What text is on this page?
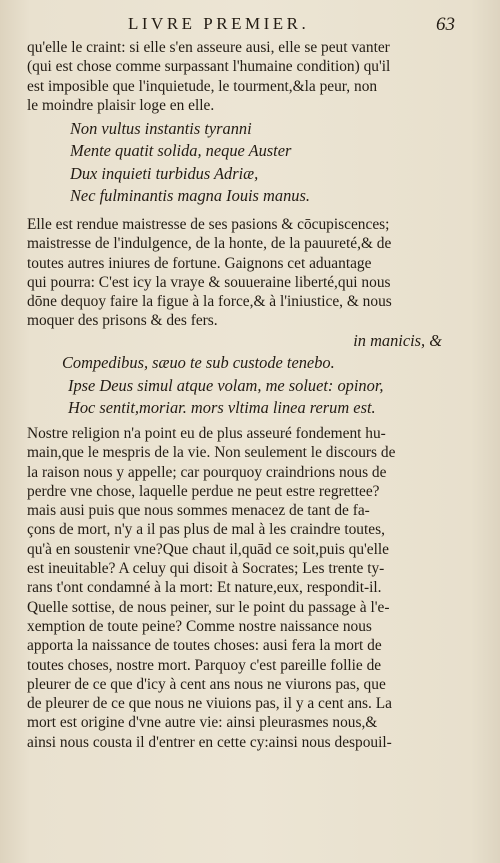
LIVRE PREMIER.	63
qu'elle le craint: si elle s'en asseure ausi, elle se peut vanter
(qui est chose comme surpassant l'humaine condition) qu'il
est imposible que l'inquietude, le tourment,&la peur, non
le moindre plaisir loge en elle.
Non vultus instantis tyranni
Mente quatit solida, neque Auster
Dux inquieti turbidus Adriæ,
Nec fulminantis magna Iouis manus.
Elle est rendue maistresse de ses pasions & cōcupiscences;
maistresse de l'indulgence, de la honte, de la pauureté,& de
toutes autres iniures de fortune. Gaignons cet aduantage
qui pourra: C'est icy la vraye & souueraine liberté,qui nous
dōne dequoy faire la figue à la force,& à l'iniustice, & nous
moquer des prisons & des fers.
in manicis, &
Compedibus, sæuo te sub custode tenebo.
Ipse Deus simul atque volam, me soluet: opinor,
Hoc sentit,moriar. mors vltima linea rerum est.
Nostre religion n'a point eu de plus asseuré fondement hu-
main,que le mespris de la vie. Non seulement le discours de
la raison nous y appelle; car pourquoy craindrions nous de
perdre vne chose, laquelle perdue ne peut estre regrettee?
mais ausi puis que nous sommes menacez de tant de fa-
çons de mort, n'y a il pas plus de mal à les craindre toutes,
qu'à en soustenir vne?Que chaut il,quād ce soit,puis qu'elle
est ineuitable? A celuy qui disoit à Socrates; Les trente ty-
rans t'ont condamné à la mort: Et nature,eux, respondit-il.
Quelle sottise, de nous peiner, sur le point du passage à l'e-
xemption de toute peine? Comme nostre naissance nous
apporta la naissance de toutes choses: ausi fera la mort de
toutes choses, nostre mort. Parquoy c'est pareille follie de
pleurer de ce que d'icy à cent ans nous ne viurons pas, que
de pleurer de ce que nous ne viuions pas, il y a cent ans. La
mort est origine d'vne autre vie: ainsi pleurasmes nous,&
ainsi nous cousta il d'entrer en cette cy:ainsi nous despouil-
